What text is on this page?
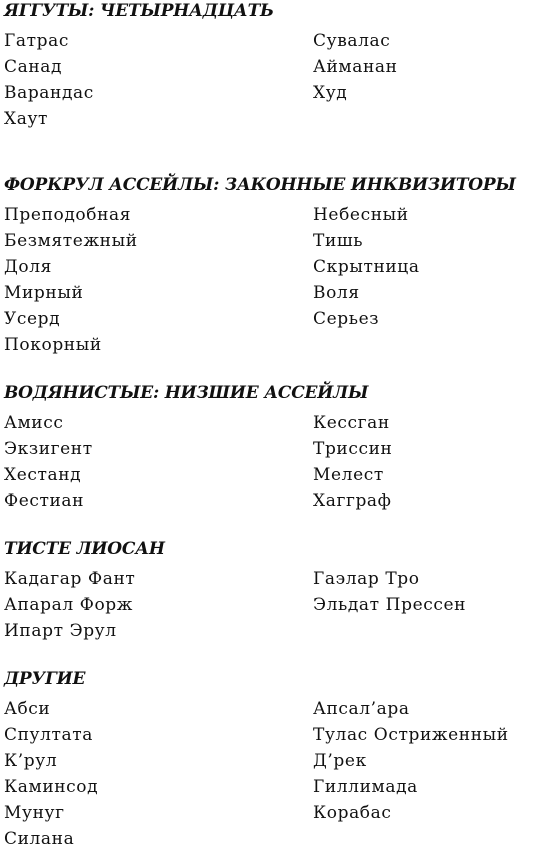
ЯГГУТЫ: ЧЕТЫРНАДЦАТЬ
Гатрас
Санад
Варандас
Хаут
Сувалас
Айманан
Худ
ФОРКРУЛ АССЕЙЛЫ: ЗАКОННЫЕ ИНКВИЗИТОРЫ
Преподобная
Безмятежный
Доля
Мирный
Усерд
Покорный
Небесный
Тишь
Скрытница
Воля
Серьез
ВОДЯНИСТЫЕ: НИЗШИЕ АССЕЙЛЫ
Амисс
Экзигент
Хестанд
Фестиан
Кессган
Триссин
Мелест
Хаггpaф
ТИСТЕ ЛИОСАН
Кадагар Фант
Апарал Форж
Ипарт Эрул
Гаэлар Тро
Эльдат Прессен
ДРУГИЕ
Абси
Спултата
К’рул
Каминсод
Мунуг
Силана
Апсал’ара
Тулас Остриженный
Д’рек
Гиллимада
Корабас
